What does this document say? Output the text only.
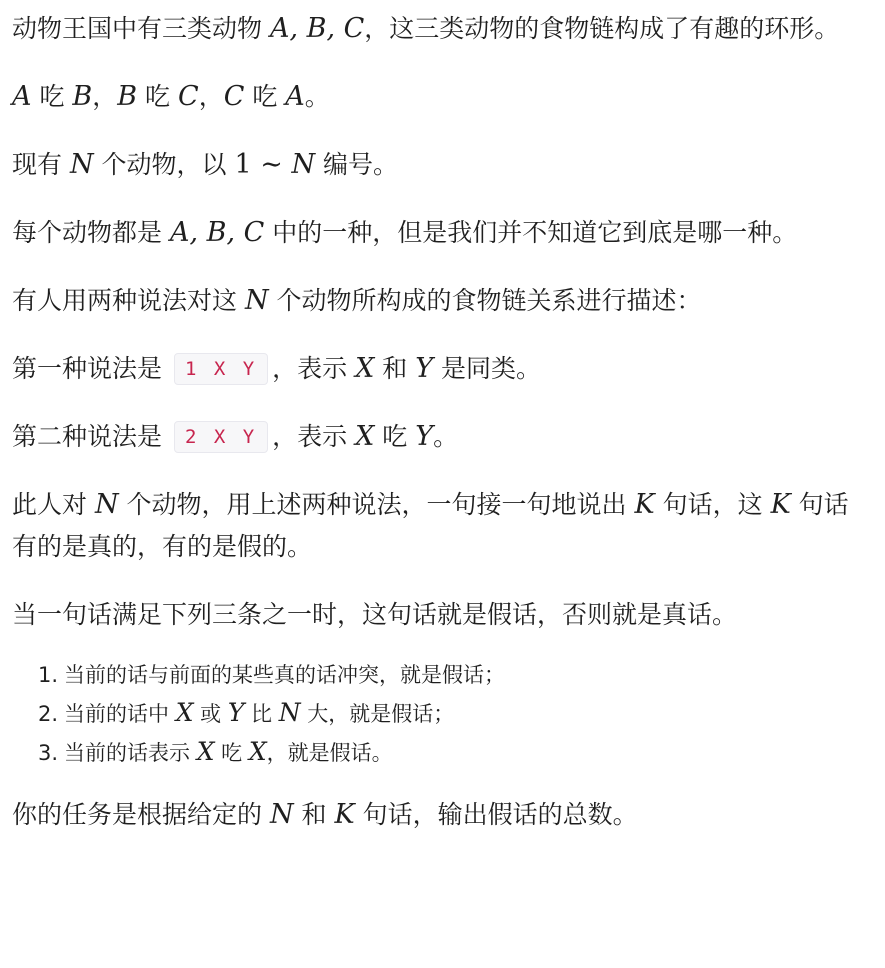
动物王国中有三类动物 A, B, C，这三类动物的食物链构成了有趣的环形。

A 吃 B，B 吃 C，C 吃 A。

现有 N 个动物，以 1 ∼ N 编号。

每个动物都是 A, B, C 中的一种，但是我们并不知道它到底是哪一种。

有人用两种说法对这 N 个动物所构成的食物链关系进行描述：

第一种说法是 1 X Y ，表示 X 和 Y 是同类。

第二种说法是 2 X Y ，表示 X 吃 Y。

此人对 N 个动物，用上述两种说法，一句接一句地说出 K 句话，这 K 句话有的是真的，有的是假的。

当一句话满足下列三条之一时，这句话就是假话，否则就是真话。

1. 当前的话与前面的某些真的话冲突，就是假话；
2. 当前的话中 X 或 Y 比 N 大，就是假话；
3. 当前的话表示 X 吃 X，就是假话。

你的任务是根据给定的 N 和 K 句话，输出假话的总数。
